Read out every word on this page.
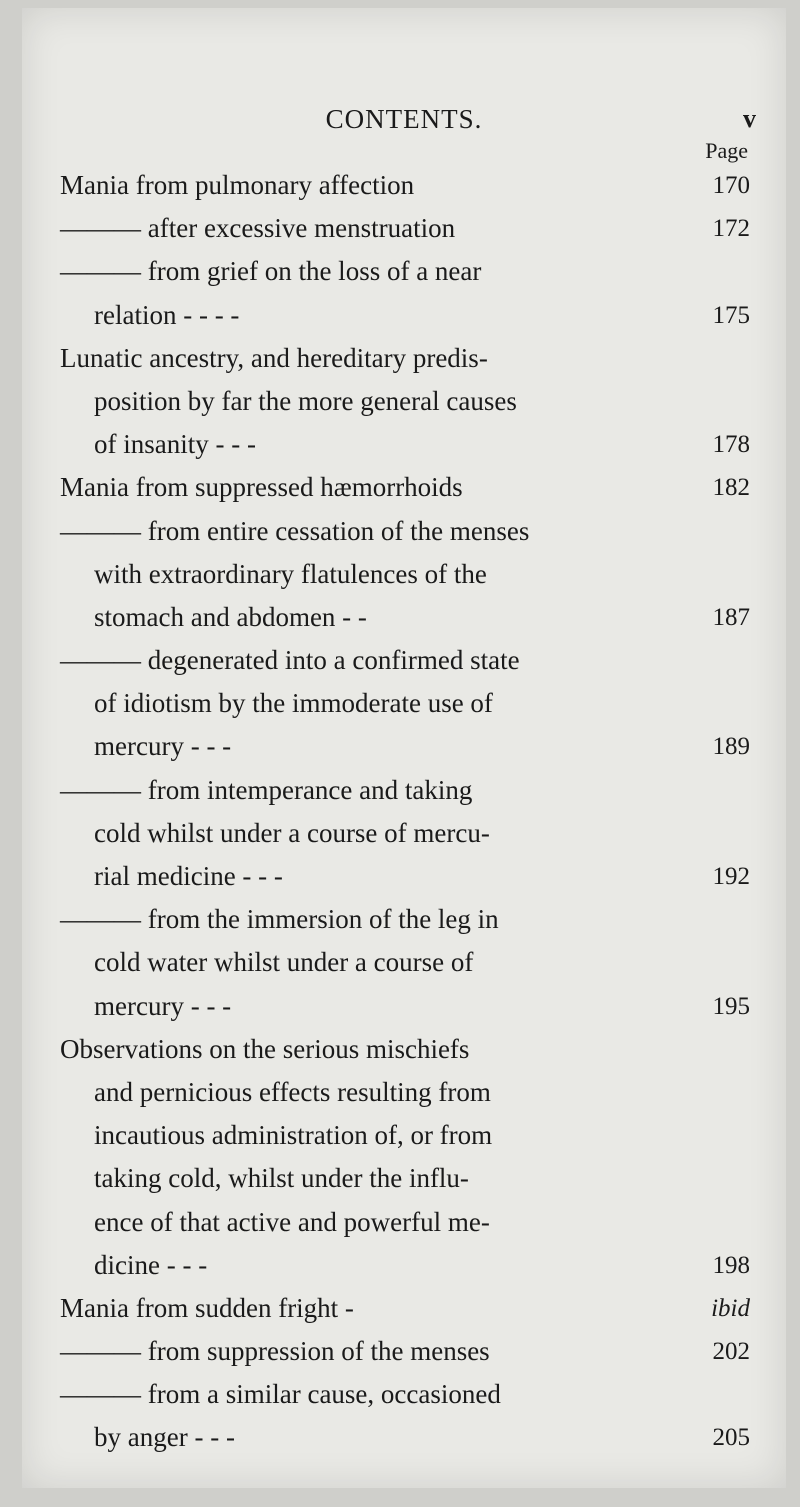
CONTENTS.	v
Page
Mania from pulmonary affection	170
——— after excessive menstruation	172
——— from grief on the loss of a near
relation - - - -	175
Lunatic ancestry, and hereditary predis-
position by far the more general causes
of insanity - - -	178
Mania from suppressed hæmorrhoids	182
——— from entire cessation of the menses
with extraordinary flatulences of the
stomach and abdomen - -	187
——— degenerated into a confirmed state
of idiotism by the immoderate use of
mercury - - -	189
——— from intemperance and taking
cold whilst under a course of mercu-
rial medicine - - -	192
——— from the immersion of the leg in
cold water whilst under a course of
mercury - - -	195
Observations on the serious mischiefs
and pernicious effects resulting from
incautious administration of, or from
taking cold, whilst under the influ-
ence of that active and powerful me-
dicine - - -	198
Mania from sudden fright -	ibid
——— from suppression of the menses	202
——— from a similar cause, occasioned
by anger - - -	205
